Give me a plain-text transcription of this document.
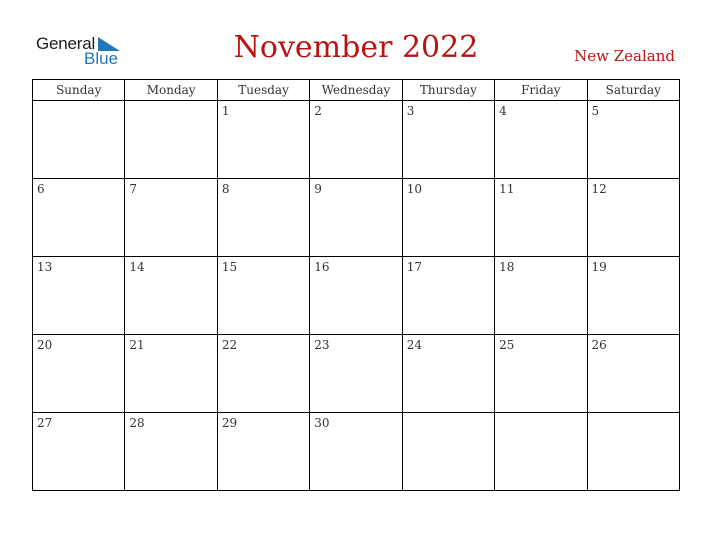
General
Blue	November 2022	New Zealand
Sunday	Monday	Tuesday	Wednesday	Thursday	Friday	Saturday

		1	2	3	4	5

6	7	8	9	10	11	12

13	14	15	16	17	18	19

20	21	22	23	24	25	26

27	28	29	30			
